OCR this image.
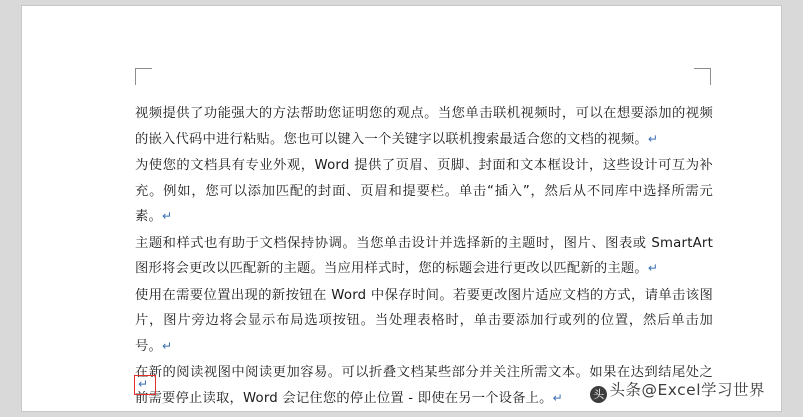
视频提供了功能强大的方法帮助您证明您的观点。当您单击联机视频时，可以在想要添加的视频的嵌入代码中进行粘贴。您也可以键入一个关键字以联机搜索最适合您的文档的视频。↵

为使您的文档具有专业外观，Word 提供了页眉、页脚、封面和文本框设计，这些设计可互为补充。例如，您可以添加匹配的封面、页眉和提要栏。单击“插入”，然后从不同库中选择所需元素。↵

主题和样式也有助于文档保持协调。当您单击设计并选择新的主题时，图片、图表或 SmartArt 图形将会更改以匹配新的主题。当应用样式时，您的标题会进行更改以匹配新的主题。↵

使用在需要位置出现的新按钮在 Word 中保存时间。若要更改图片适应文档的方式，请单击该图片，图片旁边将会显示布局选项按钮。当处理表格时，单击要添加行或列的位置，然后单击加号。↵

在新的阅读视图中阅读更加容易。可以折叠文档某些部分并关注所需文本。如果在达到结尾处之前需要停止读取，Word 会记住您的停止位置 - 即使在另一个设备上。↵

↵
头 头条@Excel学习世界
